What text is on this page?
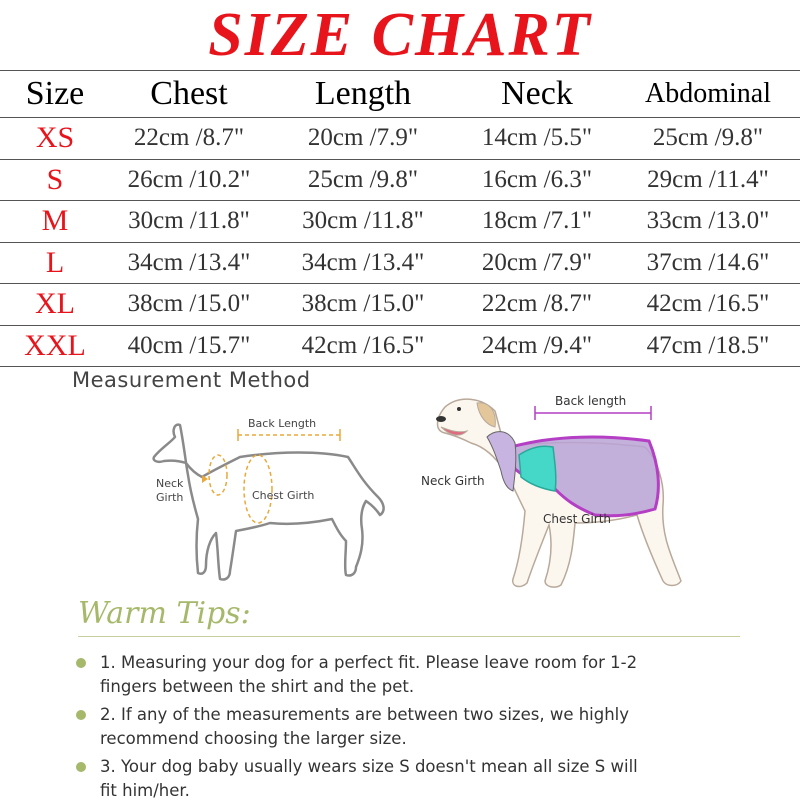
SIZE CHART
Size	Chest	Length	Neck	Abdominal
XS	22cm /8.7"	20cm /7.9"	14cm /5.5"	25cm /9.8"
S	26cm /10.2"	25cm /9.8"	16cm /6.3"	29cm /11.4"
M	30cm /11.8"	30cm /11.8"	18cm /7.1"	33cm /13.0"
L	34cm /13.4"	34cm /13.4"	20cm /7.9"	37cm /14.6"
XL	38cm /15.0"	38cm /15.0"	22cm /8.7"	42cm /16.5"
XXL	40cm /15.7"	42cm /16.5"	24cm /9.4"	47cm /18.5"
Measurement Method
Back Length
Neck
Girth	Chest Girth
Back length
Neck Girth
Chest Girth
Warm Tips:
1. Measuring your dog for a perfect fit. Please leave room for 1-2
fingers between the shirt and the pet.
2. If any of the measurements are between two sizes, we highly
recommend choosing the larger size.
3. Your dog baby usually wears size S doesn't mean all size S will
fit him/her.
